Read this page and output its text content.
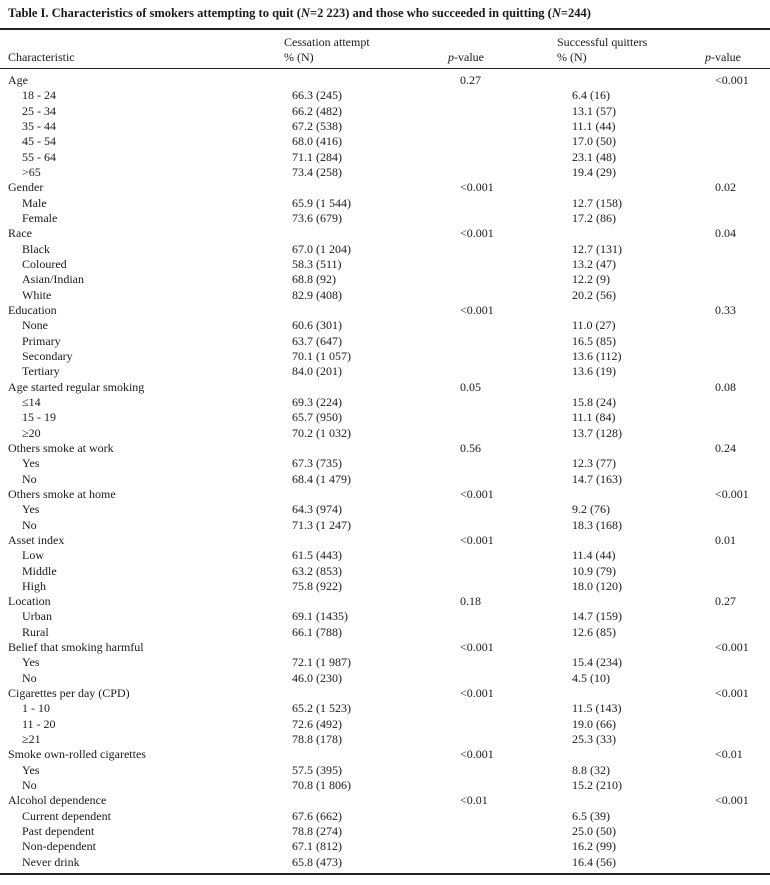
Table I. Characteristics of smokers attempting to quit (N=2 223) and those who succeeded in quitting (N=244)
Characteristic
Cessation attempt
% (N)	p-value
Successful quitters
% (N)	p-value
Age		0.27		<0.001
18 - 24	66.3 (245)		6.4 (16)	
25 - 34	66.2 (482)		13.1 (57)	
35 - 44	67.2 (538)		11.1 (44)	
45 - 54	68.0 (416)		17.0 (50)	
55 - 64	71.1 (284)		23.1 (48)	
>65	73.4 (258)		19.4 (29)	
Gender		<0.001		0.02
Male	65.9 (1 544)		12.7 (158)	
Female	73.6 (679)		17.2 (86)	
Race		<0.001		0.04
Black	67.0 (1 204)		12.7 (131)	
Coloured	58.3 (511)		13.2 (47)	
Asian/Indian	68.8 (92)		12.2 (9)	
White	82.9 (408)		20.2 (56)	
Education		<0.001		0.33
None	60.6 (301)		11.0 (27)	
Primary	63.7 (647)		16.5 (85)	
Secondary	70.1 (1 057)		13.6 (112)	
Tertiary	84.0 (201)		13.6 (19)	
Age started regular smoking		0.05		0.08
≤14	69.3 (224)		15.8 (24)	
15 - 19	65.7 (950)		11.1 (84)	
≥20	70.2 (1 032)		13.7 (128)	
Others smoke at work		0.56		0.24
Yes	67.3 (735)		12.3 (77)	
No	68.4 (1 479)		14.7 (163)	
Others smoke at home		<0.001		<0.001
Yes	64.3 (974)		9.2 (76)	
No	71.3 (1 247)		18.3 (168)	
Asset index		<0.001		0.01
Low	61.5 (443)		11.4 (44)	
Middle	63.2 (853)		10.9 (79)	
High	75.8 (922)		18.0 (120)	
Location		0.18		0.27
Urban	69.1 (1435)		14.7 (159)	
Rural	66.1 (788)		12.6 (85)	
Belief that smoking harmful		<0.001		<0.001
Yes	72.1 (1 987)		15.4 (234)	
No	46.0 (230)		4.5 (10)	
Cigarettes per day (CPD)		<0.001		<0.001
1 - 10	65.2 (1 523)		11.5 (143)	
11 - 20	72.6 (492)		19.0 (66)	
≥21	78.8 (178)		25.3 (33)	
Smoke own-rolled cigarettes		<0.001		<0.01
Yes	57.5 (395)		8.8 (32)	
No	70.8 (1 806)		15.2 (210)	
Alcohol dependence		<0.01		<0.001
Current dependent	67.6 (662)		6.5 (39)	
Past dependent	78.8 (274)		25.0 (50)	
Non-dependent	67.1 (812)		16.2 (99)	
Never drink	65.8 (473)		16.4 (56)	
